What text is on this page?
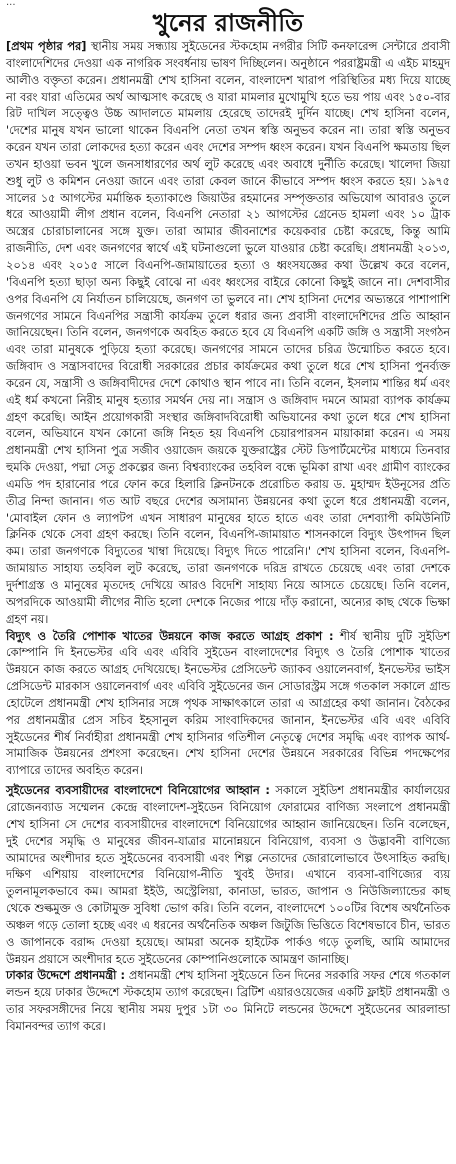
...
খুনের রাজনীতি

[প্রথম পৃষ্ঠার পর] স্থানীয় সময় সন্ধ্যায় সুইডেনের স্টকহোম নগরীর সিটি কনফারেন্স সেন্টারে প্রবাসী বাংলাদেশিদের দেওয়া এক নাগরিক সংবর্ধনায় ভাষণ দিচ্ছিলেন। অনুষ্ঠানে পররাষ্ট্রমন্ত্রী এ এইচ মাহমুদ আলীও বক্তৃতা করেন। প্রধানমন্ত্রী শেখ হাসিনা বলেন, বাংলাদেশ খারাপ পরিস্থিতির মধ্য দিয়ে যাচ্ছে না বরং যারা এতিমের অর্থ আত্মসাৎ করেছে ও যারা মামলার মুখোমুখি হতে ভয় পায় এবং ১৫০-বার রিট দাখিল সত্ত্বেও উচ্চ আদালতে মামলায় হেরেছে তাদেরই দুর্দিন যাচ্ছে। শেখ হাসিনা বলেন, 'দেশের মানুষ যখন ভালো থাকেন বিএনপি নেতা তখন স্বস্তি অনুভব করেন না। তারা স্বস্তি অনুভব করেন যখন তারা লোকদের হত্যা করেন এবং দেশের সম্পদ ধ্বংস করেন। যখন বিএনপি ক্ষমতায় ছিল তখন হাওয়া ভবন খুলে জনসাধারণের অর্থ লুট করেছে এবং অবাধে দুর্নীতি করেছে। খালেদা জিয়া শুধু লুট ও কমিশন নেওয়া জানে এবং তারা কেবল জানে কীভাবে সম্পদ ধ্বংস করতে হয়। ১৯৭৫ সালের ১৫ আগস্টের মর্মান্তিক হত্যাকাণ্ডে জিয়াউর রহমানের সম্পৃক্ততার অভিযোগ আবারও তুলে ধরে আওয়ামী লীগ প্রধান বলেন, বিএনপি নেতারা ২১ আগস্টের গ্রেনেড হামলা এবং ১০ ট্রাক অস্ত্রের চোরাচালানের সঙ্গে যুক্ত। তারা আমার জীবনাশের কয়েকবার চেষ্টা করেছে, কিন্তু আমি রাজনীতি, দেশ এবং জনগণের স্বার্থে এই ঘটনাগুলো ভুলে যাওয়ার চেষ্টা করেছি। প্রধানমন্ত্রী ২০১৩, ২০১৪ এবং ২০১৫ সালে বিএনপি-জামায়াতের হত্যা ও ধ্বংসযজ্ঞের কথা উল্লেখ করে বলেন, 'বিএনপি হত্যা ছাড়া অন্য কিছুই বোঝে না এবং ধ্বংসের বাইরে কোনো কিছুই জানে না। দেশবাসীর ওপর বিএনপি যে নির্যাতন চালিয়েছে, জনগণ তা ভুলবে না। শেখ হাসিনা দেশের অভ্যন্তরে পাশাপাশি জনগণের সামনে বিএনপির সন্ত্রাসী কার্যক্রম তুলে ধরার জন্য প্রবাসী বাংলাদেশিদের প্রতি আহ্বান জানিয়েছেন। তিনি বলেন, জনগণকে অবহিত করতে হবে যে বিএনপি একটি জঙ্গি ও সন্ত্রাসী সংগঠন এবং তারা মানুষকে পুড়িয়ে হত্যা করেছে। জনগণের সামনে তাদের চরিত্র উন্মোচিত করতে হবে। জঙ্গিবাদ ও সন্ত্রাসবাদের বিরোধী সরকারের প্রচার কার্যক্রমের কথা তুলে ধরে শেখ হাসিনা পুনর্ব্যক্ত করেন যে, সন্ত্রাসী ও জঙ্গিবাদীদের দেশে কোথাও স্থান পাবে না। তিনি বলেন, ইসলাম শান্তির ধর্ম এবং এই ধর্ম কখনো নিরীহ মানুষ হত্যার সমর্থন দেয় না। সন্ত্রাস ও জঙ্গিবাদ দমনে আমরা ব্যাপক কার্যক্রম গ্রহণ করেছি। আইন প্রয়োগকারী সংস্থার জঙ্গিবাদবিরোধী অভিযানের কথা তুলে ধরে শেখ হাসিনা বলেন, অভিযানে যখন কোনো জঙ্গি নিহত হয় বিএনপি চেয়ারপারসন মায়াকান্না করেন। এ সময় প্রধানমন্ত্রী শেখ হাসিনা পুত্র সজীব ওয়াজেদ জয়কে যুক্তরাষ্ট্রের স্টেট ডিপার্টমেন্টের মাধ্যমে তিনবার হুমকি দেওয়া, পদ্মা সেতু প্রকল্পের জন্য বিশ্বব্যাংকের তহবিল বন্ধে ভূমিকা রাখা এবং গ্রামীণ ব্যাংকের এমডি পদ হারানোর পরে ফোন করে হিলারি ক্লিনটনকে প্ররোচিত করায় ড. মুহাম্মদ ইউনূসের প্রতি তীব্র নিন্দা জানান। গত আট বছরে দেশের অসামান্য উন্নয়নের কথা তুলে ধরে প্রধানমন্ত্রী বলেন, 'মোবাইল ফোন ও ল্যাপটপ এখন সাধারণ মানুষের হাতে হাতে এবং তারা দেশব্যাপী কমিউনিটি ক্লিনিক থেকে সেবা গ্রহণ করছে। তিনি বলেন, বিএনপি-জামায়াত শাসনকালে বিদ্যুৎ উৎপাদন ছিল কম। তারা জনগণকে বিদ্যুতের খাম্বা দিয়েছে। বিদ্যুৎ দিতে পারেনি।' শেখ হাসিনা বলেন, বিএনপি-জামায়াত সাহায্য তহবিল লুট করেছে, তারা জনগণকে দরিদ্র রাখতে চেয়েছে এবং তারা দেশকে দুর্দশাগ্রস্ত ও মানুষের মৃতদেহ দেখিয়ে আরও বিদেশি সাহায্য নিয়ে আসতে চেয়েছে। তিনি বলেন, অপরদিকে আওয়ামী লীগের নীতি হলো দেশকে নিজের পায়ে দাঁড় করানো, অন্যের কাছ থেকে ভিক্ষা গ্রহণ নয়।

বিদ্যুৎ ও তৈরি পোশাক খাতের উন্নয়নে কাজ করতে আগ্রহ প্রকাশ : শীর্ষ স্থানীয় দুটি সুইডিশ কোম্পানি দি ইনভেস্টর এবি এবং এবিবি সুইডেন বাংলাদেশের বিদ্যুৎ ও তৈরি পোশাক খাতের উন্নয়নে কাজ করতে আগ্রহ দেখিয়েছে। ইনভেস্টর প্রেসিডেন্ট জ্যাকব ওয়ালেনবার্গ, ইনভেস্টর ভাইস প্রেসিডেন্ট মারকাস ওয়ালেনবার্গ এবং এবিবি সুইডেনের জন সোডারস্ট্রম সঙ্গে গতকাল সকালে গ্রান্ড হোটেলে প্রধানমন্ত্রী শেখ হাসিনার সঙ্গে পৃথক সাক্ষাৎকালে তারা এ আগ্রহের কথা জানান। বৈঠকের পর প্রধানমন্ত্রীর প্রেস সচিব ইহসানুল করিম সাংবাদিকদের জানান, ইনভেস্টর এবি এবং এবিবি সুইডেনের শীর্ষ নির্বাহীরা প্রধানমন্ত্রী শেখ হাসিনার গতিশীল নেতৃত্বে দেশের সমৃদ্ধি এবং ব্যাপক আর্থ-সামাজিক উন্নয়নের প্রশংসা করেছেন। শেখ হাসিনা দেশের উন্নয়নে সরকারের বিভিন্ন পদক্ষেপের ব্যাপারে তাদের অবহিত করেন।

সুইডেনের ব্যবসায়ীদের বাংলাদেশে বিনিয়োগের আহ্বান : সকালে সুইডিশ প্রধানমন্ত্রীর কার্যালয়ের রোজেনব্যাড সম্মেলন কেন্দ্রে বাংলাদেশ-সুইডেন বিনিয়োগ ফোরামের বাণিজ্য সংলাপে প্রধানমন্ত্রী শেখ হাসিনা সে দেশের ব্যবসায়ীদের বাংলাদেশে বিনিয়োগের আহ্বান জানিয়েছেন। তিনি বলেছেন, দুই দেশের সমৃদ্ধি ও মানুষের জীবন-যাত্রার মানোন্নয়নে বিনিয়োগ, ব্যবসা ও উদ্ভাবনী বাণিজ্যে আমাদের অংশীদার হতে সুইডেনের ব্যবসায়ী এবং শিল্প নেতাদের জোরালোভাবে উৎসাহিত করছি। দক্ষিণ এশিয়ায় বাংলাদেশের বিনিয়োগ-নীতি খুবই উদার। এখানে ব্যবসা-বাণিজ্যের ব্যয় তুলনামূলকভাবে কম। আমরা ইইউ, অস্ট্রেলিয়া, কানাডা, ভারত, জাপান ও নিউজিল্যান্ডের কাছ থেকে শুল্কমুক্ত ও কোটামুক্ত সুবিধা ভোগ করি। তিনি বলেন, বাংলাদেশে ১০০টির বিশেষ অর্থনৈতিক অঞ্চল গড়ে তোলা হচ্ছে এবং এ ধরনের অর্থনৈতিক অঞ্চল জিটুজি ভিত্তিতে বিশেষভাবে চীন, ভারত ও জাপানকে বরাদ্দ দেওয়া হয়েছে। আমরা অনেক হাইটেক পার্কও গড়ে তুলছি, আমি আমাদের উন্নয়ন প্রয়াসে অংশীদার হতে সুইডেনের কোম্পানিগুলোকে আমন্ত্রণ জানাচ্ছি।

ঢাকার উদ্দেশে প্রধানমন্ত্রী : প্রধানমন্ত্রী শেখ হাসিনা সুইডেনে তিন দিনের সরকারি সফর শেষে গতকাল লন্ডন হয়ে ঢাকার উদ্দেশে স্টকহোম ত্যাগ করেছেন। ব্রিটিশ এয়ারওয়েজের একটি ফ্লাইট প্রধানমন্ত্রী ও তার সফরসঙ্গীদের নিয়ে স্থানীয় সময় দুপুর ১টা ৩০ মিনিটে লন্ডনের উদ্দেশে সুইডেনের আরলান্ডা বিমানবন্দর ত্যাগ করে।
